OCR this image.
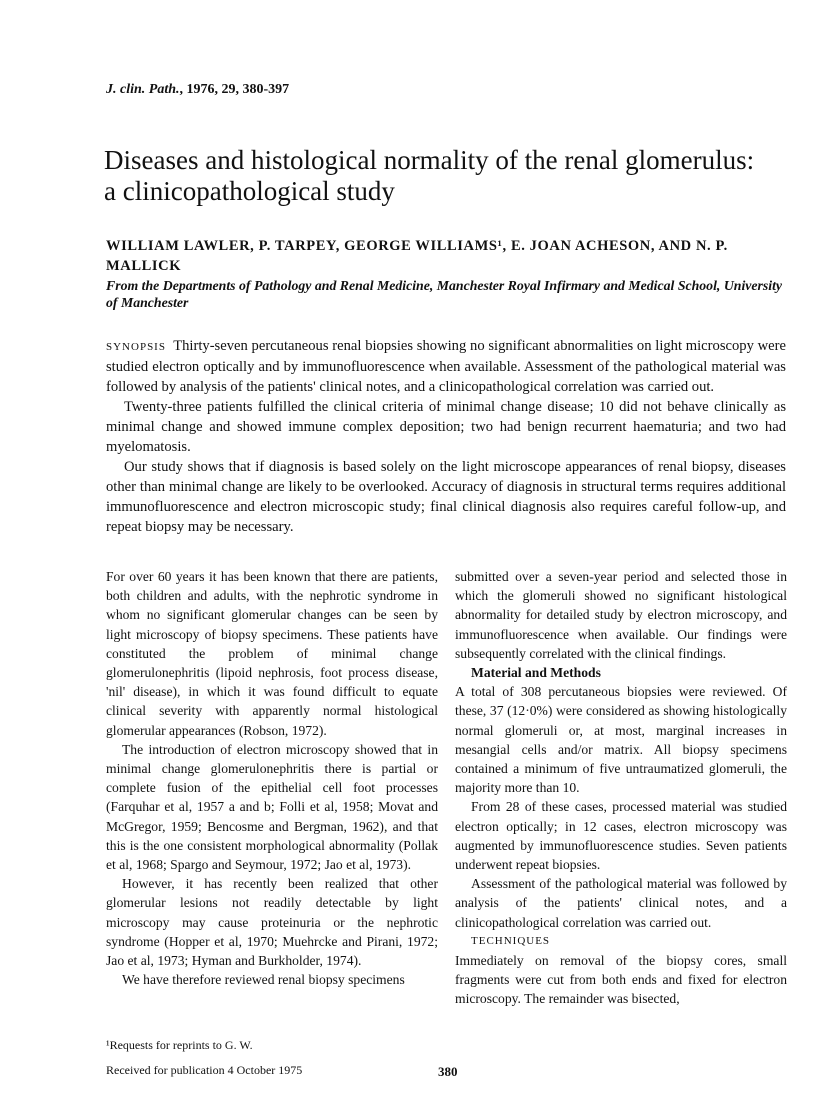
J. clin. Path., 1976, 29, 380-397
Diseases and histological normality of the renal glomerulus: a clinicopathological study

WILLIAM LAWLER, P. TARPEY, GEORGE WILLIAMS¹, E. JOAN ACHESON, AND N. P. MALLICK

From the Departments of Pathology and Renal Medicine, Manchester Royal Infirmary and Medical School, University of Manchester

SYNOPSIS Thirty-seven percutaneous renal biopsies showing no significant abnormalities on light microscopy were studied electron optically and by immunofluorescence when available. Assessment of the pathological material was followed by analysis of the patients' clinical notes, and a clinicopathological correlation was carried out.

Twenty-three patients fulfilled the clinical criteria of minimal change disease; 10 did not behave clinically as minimal change and showed immune complex deposition; two had benign recurrent haematuria; and two had myelomatosis.

Our study shows that if diagnosis is based solely on the light microscope appearances of renal biopsy, diseases other than minimal change are likely to be overlooked. Accuracy of diagnosis in structural terms requires additional immunofluorescence and electron microscopic study; final clinical diagnosis also requires careful follow-up, and repeat biopsy may be necessary.

For over 60 years it has been known that there are patients, both children and adults, with the nephrotic syndrome in whom no significant glomerular changes can be seen by light microscopy of biopsy specimens. These patients have constituted the problem of minimal change glomerulonephritis (lipoid nephrosis, foot process disease, 'nil' disease), in which it was found difficult to equate clinical severity with apparently normal histological glomerular appearances (Robson, 1972).

The introduction of electron microscopy showed that in minimal change glomerulonephritis there is partial or complete fusion of the epithelial cell foot processes (Farquhar et al, 1957 a and b; Folli et al, 1958; Movat and McGregor, 1959; Bencosme and Bergman, 1962), and that this is the one consistent morphological abnormality (Pollak et al, 1968; Spargo and Seymour, 1972; Jao et al, 1973).

However, it has recently been realized that other glomerular lesions not readily detectable by light microscopy may cause proteinuria or the nephrotic syndrome (Hopper et al, 1970; Muehrcke and Pirani, 1972; Jao et al, 1973; Hyman and Burkholder, 1974).

We have therefore reviewed renal biopsy specimens

submitted over a seven-year period and selected those in which the glomeruli showed no significant histological abnormality for detailed study by electron microscopy, and immunofluorescence when available. Our findings were subsequently correlated with the clinical findings.

Material and Methods

A total of 308 percutaneous biopsies were reviewed. Of these, 37 (12·0%) were considered as showing histologically normal glomeruli or, at most, marginal increases in mesangial cells and/or matrix. All biopsy specimens contained a minimum of five untraumatized glomeruli, the majority more than 10.

From 28 of these cases, processed material was studied electron optically; in 12 cases, electron microscopy was augmented by immunofluorescence studies. Seven patients underwent repeat biopsies.

Assessment of the pathological material was followed by analysis of the patients' clinical notes, and a clinicopathological correlation was carried out.

TECHNIQUES

Immediately on removal of the biopsy cores, small fragments were cut from both ends and fixed for electron microscopy. The remainder was bisected,

¹Requests for reprints to G. W.

Received for publication 4 October 1975	380
